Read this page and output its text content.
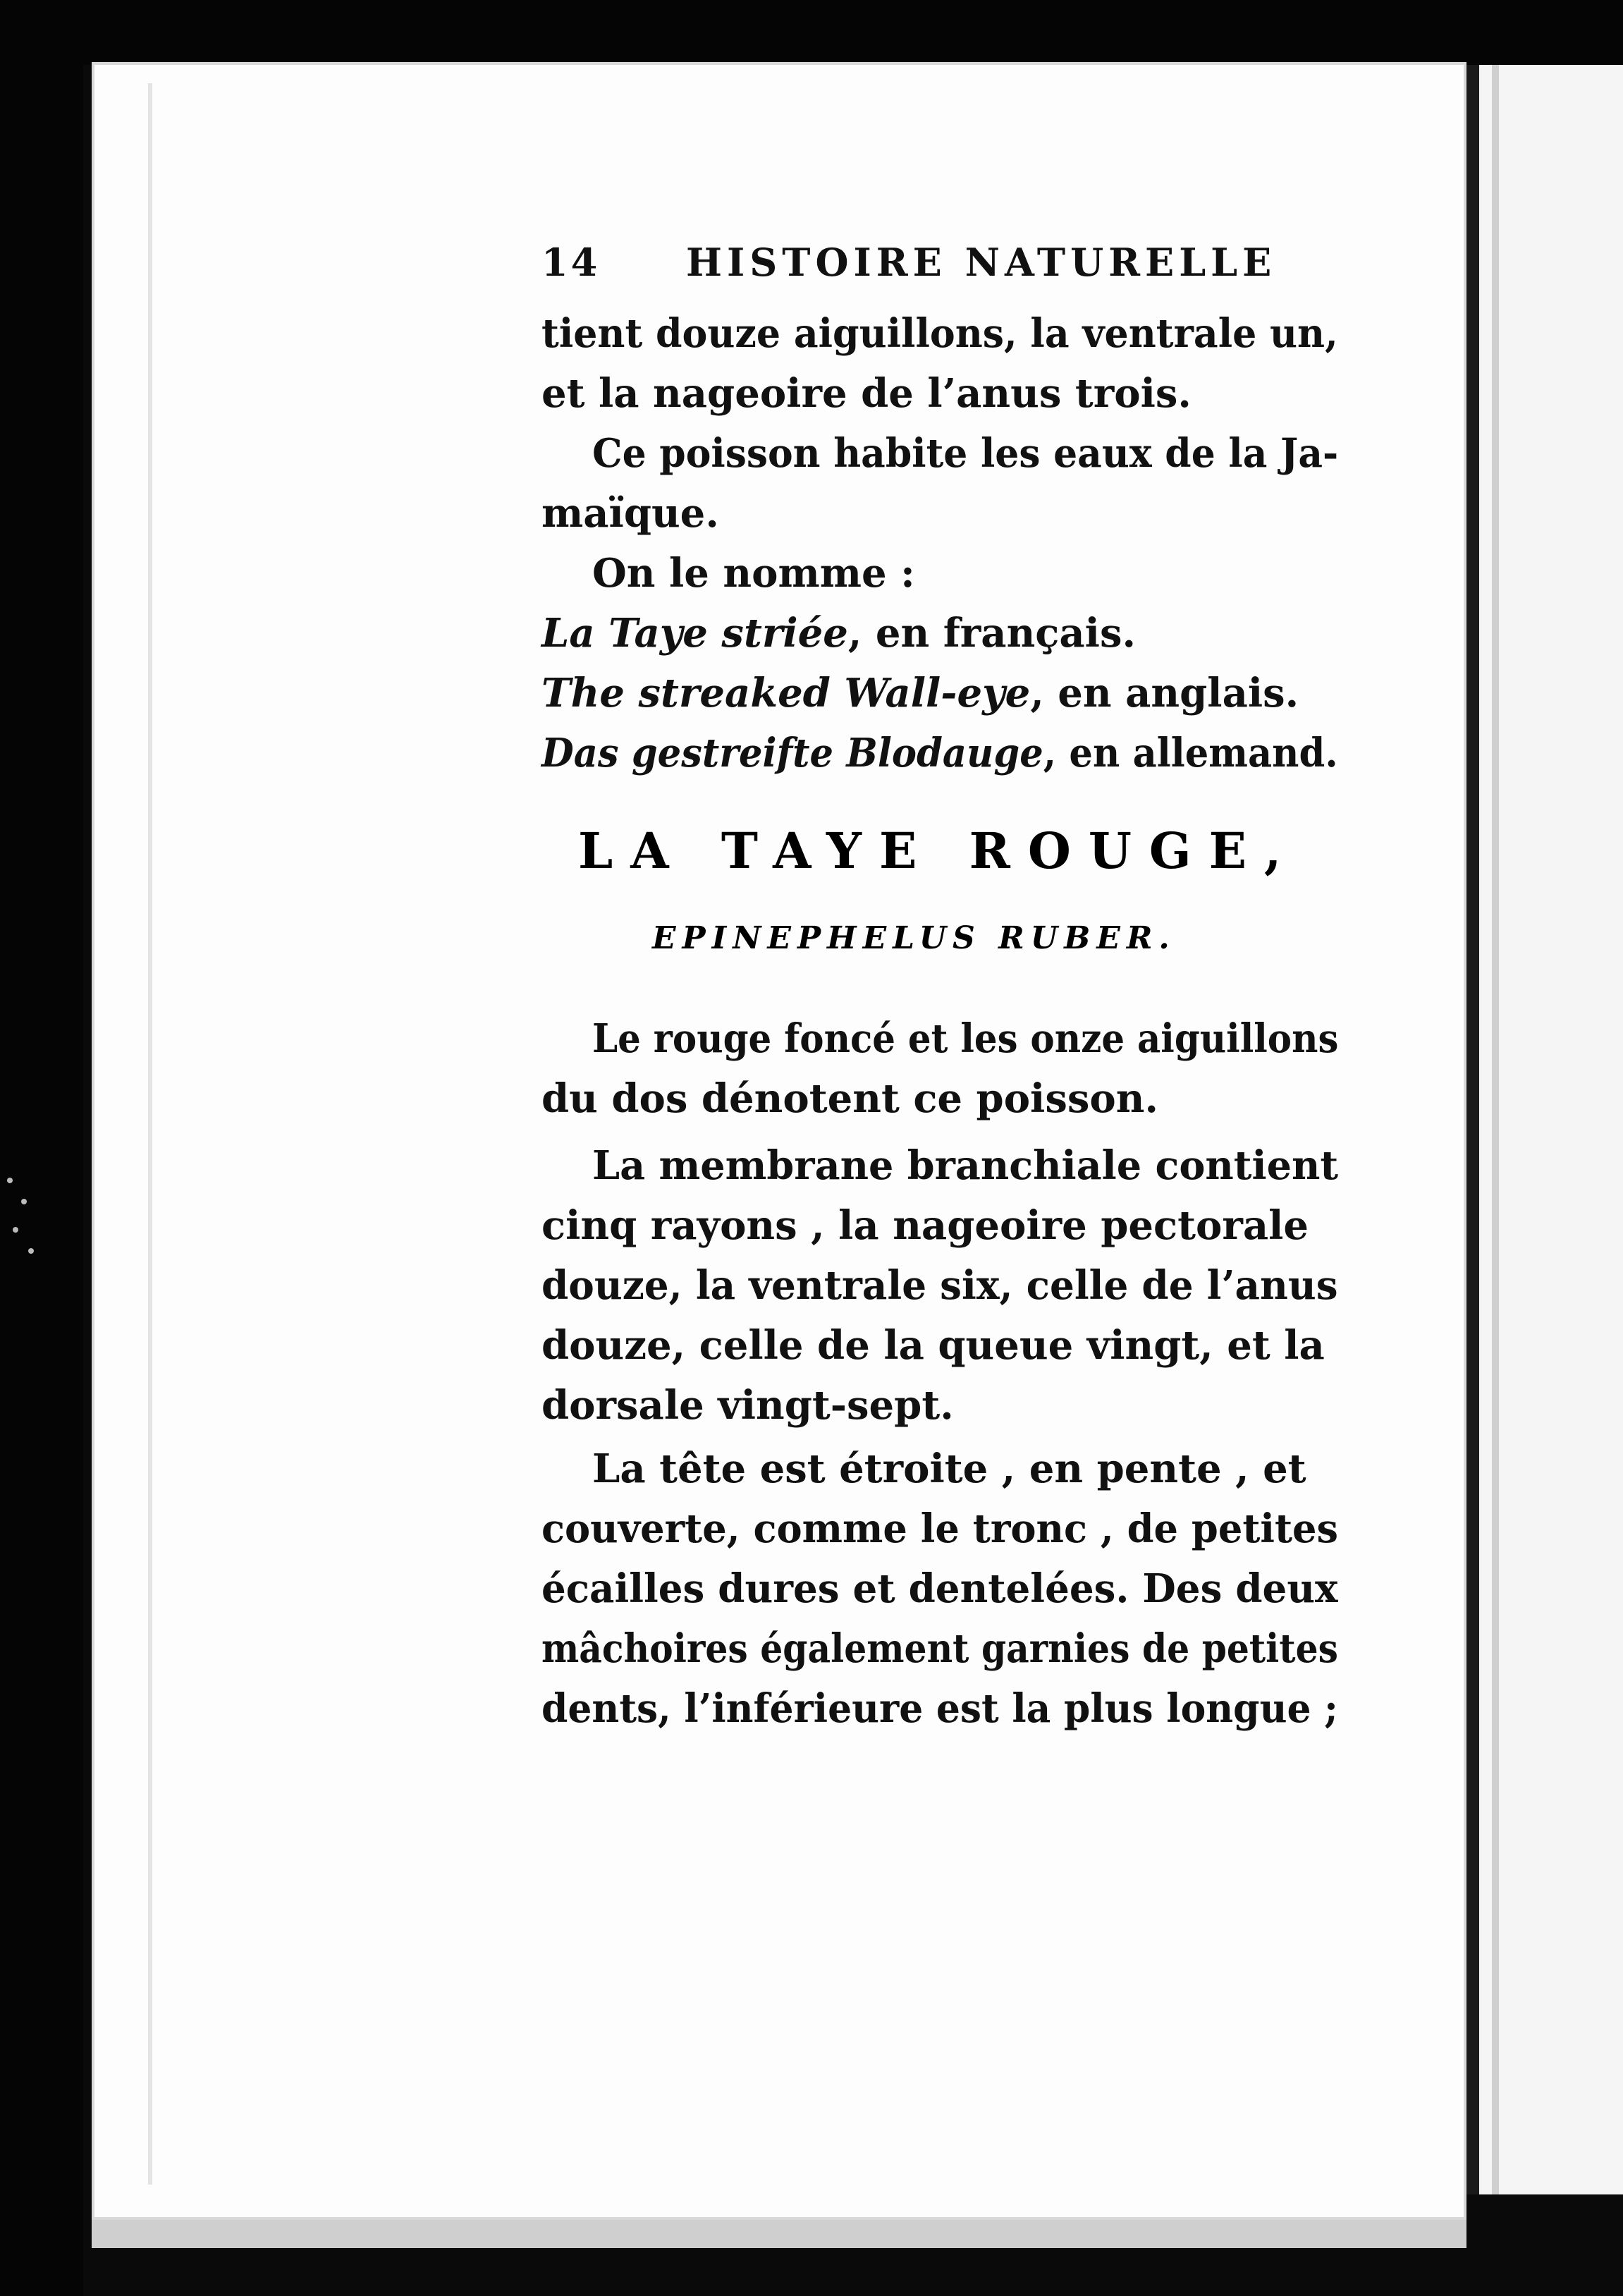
14 HISTOIRE NATURELLE
tient douze aiguillons, la ventrale un,
et la nageoire de l’anus trois.
Ce poisson habite les eaux de la Ja-
maïque.
On le nomme :
La Taye striée, en français.
The streaked Wall-eye, en anglais.
Das gestreifte Blodauge, en allemand.
LA TAYE ROUGE,
EPINEPHELUS RUBER.
Le rouge foncé et les onze aiguillons
du dos dénotent ce poisson.
La membrane branchiale contient
cinq rayons , la nageoire pectorale
douze, la ventrale six, celle de l’anus
douze, celle de la queue vingt, et la
dorsale vingt-sept.
La tête est étroite , en pente , et
couverte, comme le tronc , de petites
écailles dures et dentelées. Des deux
mâchoires également garnies de petites
dents, l’inférieure est la plus longue ;
